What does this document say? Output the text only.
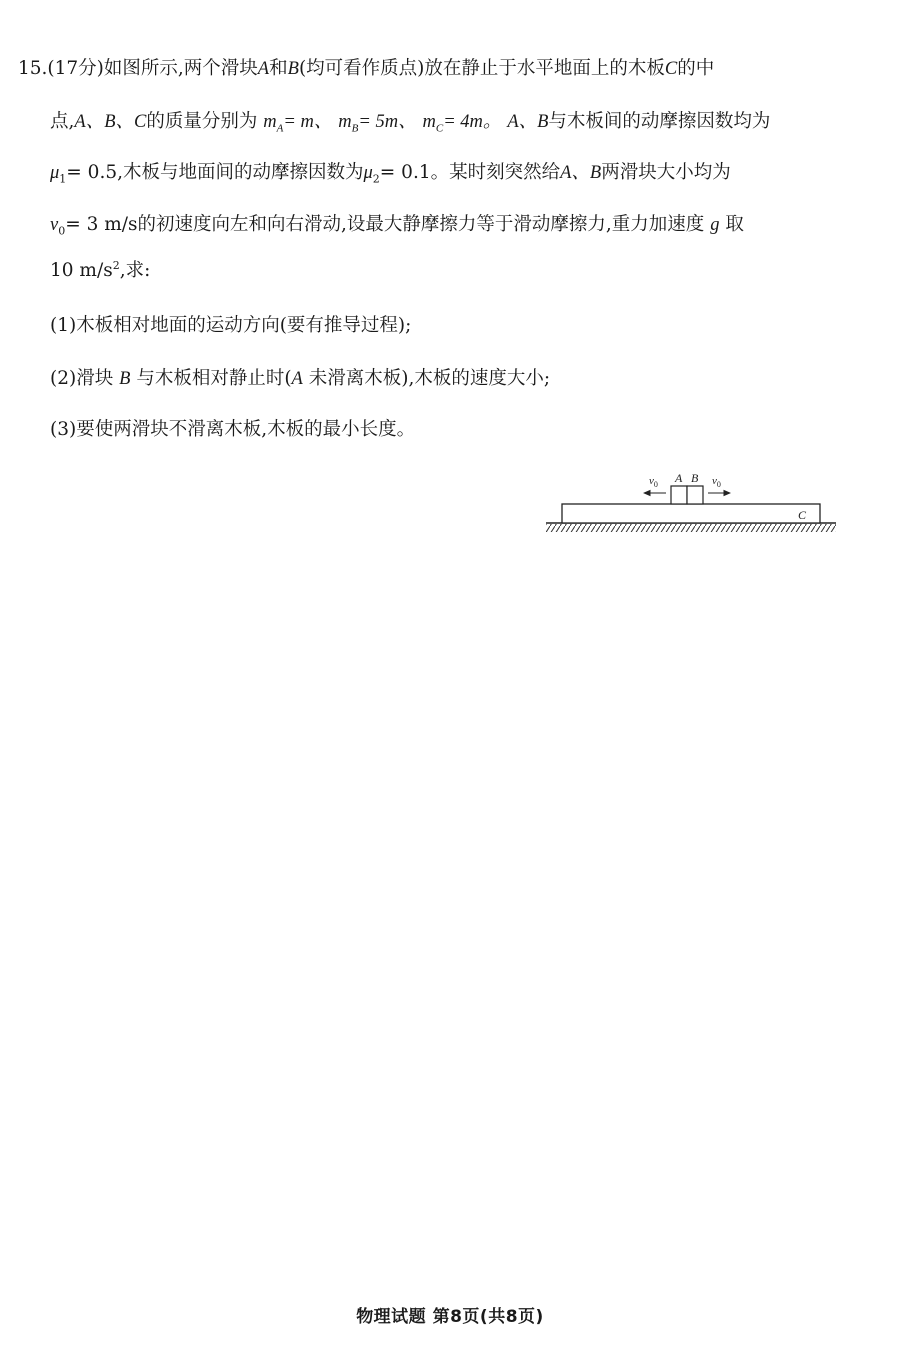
15.(17分)如图所示,两个滑块A和B(均可看作质点)放在静止于水平地面上的木板C的中
点,A、B、C的质量分别为 $m_A= m$、 $m_B= 5m$、 $m_C= 4m$。 A、B与木板间的动摩擦因数均为
$\mu_1= 0.5$,木板与地面间的动摩擦因数为$\mu_2= 0.1$。某时刻突然给A、B两滑块大小均为
$v_0= 3$ m/s的初速度向左和向右滑动,设最大静摩擦力等于滑动摩擦力,重力加速度 g 取
10 $m/s^2$,求:
(1)木板相对地面的运动方向(要有推导过程);
(2)滑块 B 与木板相对静止时(A 未滑离木板),木板的速度大小;
(3)要使两滑块不滑离木板,木板的最小长度。
C
A B
$v_0$	$v_0$
物理试题 第8页(共8页)
